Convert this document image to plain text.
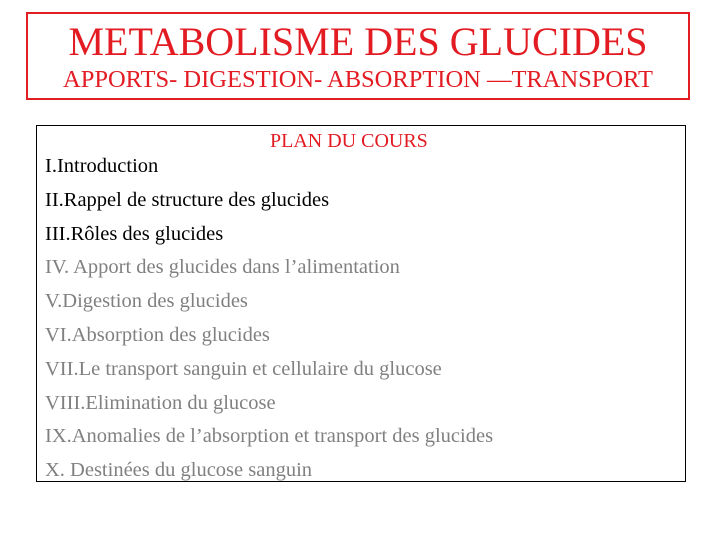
METABOLISME DES GLUCIDES
APPORTS- DIGESTION- ABSORPTION —TRANSPORT
PLAN DU COURS
I.Introduction
II.Rappel de structure des glucides
III.Rôles des glucides
IV. Apport des glucides dans l’alimentation
V.Digestion des glucides
VI.Absorption des glucides
VII.Le transport sanguin et cellulaire du glucose
VIII.Elimination du glucose
IX.Anomalies de l’absorption et transport des glucides
X. Destinées du glucose sanguin
